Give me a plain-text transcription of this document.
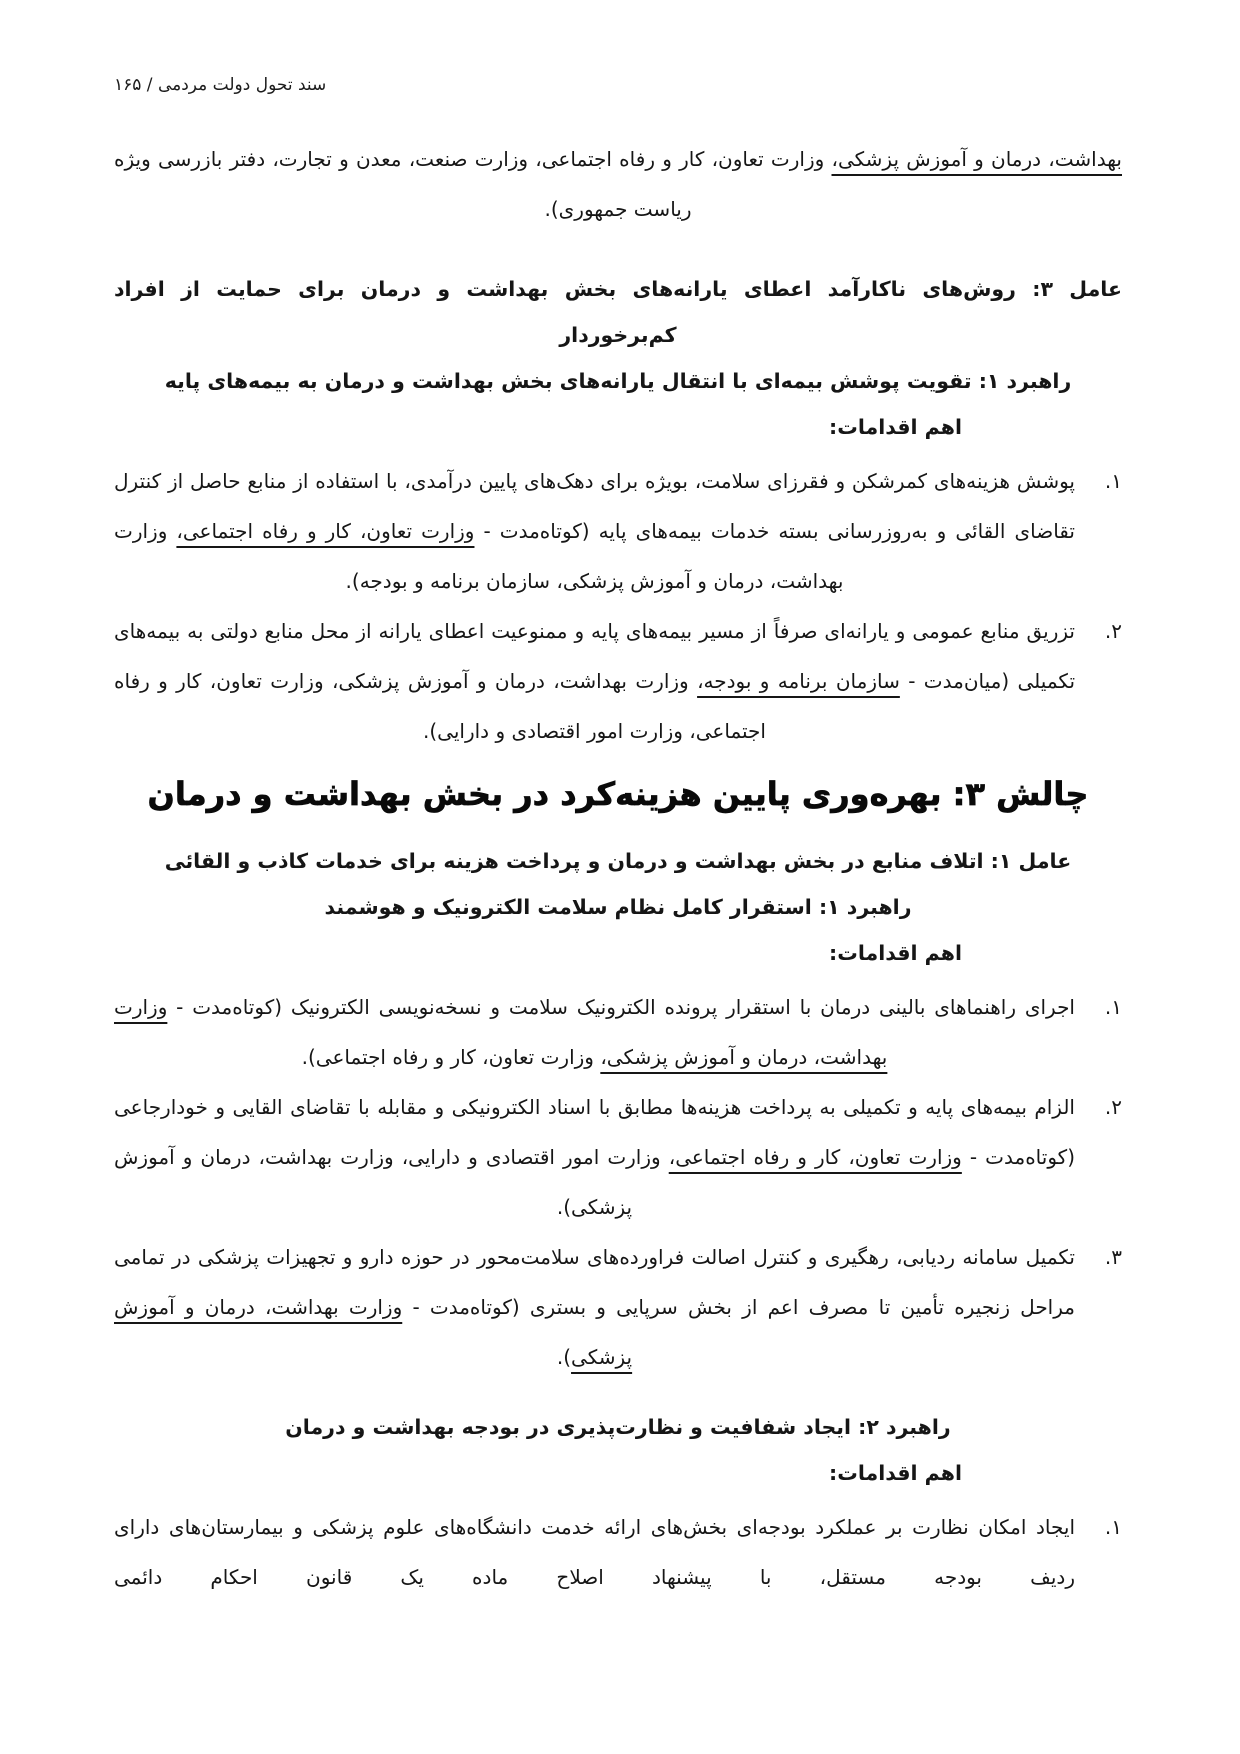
سند تحول دولت مردمی / ۱۶۵
بهداشت، درمان و آموزش پزشکی، وزارت تعاون، کار و رفاه اجتماعی، وزارت صنعت، معدن و تجارت، دفتر بازرسی ویژه ریاست جمهوری).
عامل ۳: روش‌های ناکارآمد اعطای یارانه‌های بخش بهداشت و درمان برای حمایت از افراد کم‌برخوردار
راهبرد ۱: تقویت پوشش بیمه‌ای با انتقال یارانه‌های بخش بهداشت و درمان به بیمه‌های پایه
اهم اقدامات:
۱.
پوشش هزینه‌های کمرشکن و فقرزای سلامت، بویژه برای دهک‌های پایین درآمدی، با استفاده از منابع حاصل از کنترل تقاضای القائی و به‌روزرسانی بسته خدمات بیمه‌های پایه (کوتاه‌مدت - وزارت تعاون، کار و رفاه اجتماعی، وزارت بهداشت، درمان و آموزش پزشکی، سازمان برنامه و بودجه).
۲.
تزریق منابع عمومی و یارانه‌ای صرفاً از مسیر بیمه‌های پایه و ممنوعیت اعطای یارانه از محل منابع دولتی به بیمه‌های تکمیلی (میان‌مدت - سازمان برنامه و بودجه، وزارت بهداشت، درمان و آموزش پزشکی، وزارت تعاون، کار و رفاه اجتماعی، وزارت امور اقتصادی و دارایی).
چالش ۳: بهره‌وری پایین هزینه‌کرد در بخش بهداشت و درمان
عامل ۱: اتلاف منابع در بخش بهداشت و درمان و پرداخت هزینه برای خدمات کاذب و القائی
راهبرد ۱: استقرار کامل نظام سلامت الکترونیک و هوشمند
اهم اقدامات:
۱.
اجرای راهنماهای بالینی درمان با استقرار پرونده الکترونیک سلامت و نسخه‌نویسی الکترونیک (کوتاه‌مدت - وزارت بهداشت، درمان و آموزش پزشکی، وزارت تعاون، کار و رفاه اجتماعی).
۲.
الزام بیمه‌های پایه و تکمیلی به پرداخت هزینه‌ها مطابق با اسناد الکترونیکی و مقابله با تقاضای القایی و خودارجاعی (کوتاه‌مدت - وزارت تعاون، کار و رفاه اجتماعی، وزارت امور اقتصادی و دارایی، وزارت بهداشت، درمان و آموزش پزشکی).
۳.
تکمیل سامانه ردیابی، رهگیری و کنترل اصالت فراورده‌های سلامت‌محور در حوزه دارو و تجهیزات پزشکی در تمامی مراحل زنجیره تأمین تا مصرف اعم از بخش سرپایی و بستری (کوتاه‌مدت - وزارت بهداشت، درمان و آموزش پزشکی).
راهبرد ۲: ایجاد شفافیت و نظارت‌پذیری در بودجه بهداشت و درمان
اهم اقدامات:
۱.
ایجاد امکان نظارت بر عملکرد بودجه‌ای بخش‌های ارائه خدمت دانشگاه‌های علوم پزشکی و بیمارستان‌های دارای ردیف بودجه مستقل، با پیشنهاد اصلاح ماده یک قانون احکام دائمی
